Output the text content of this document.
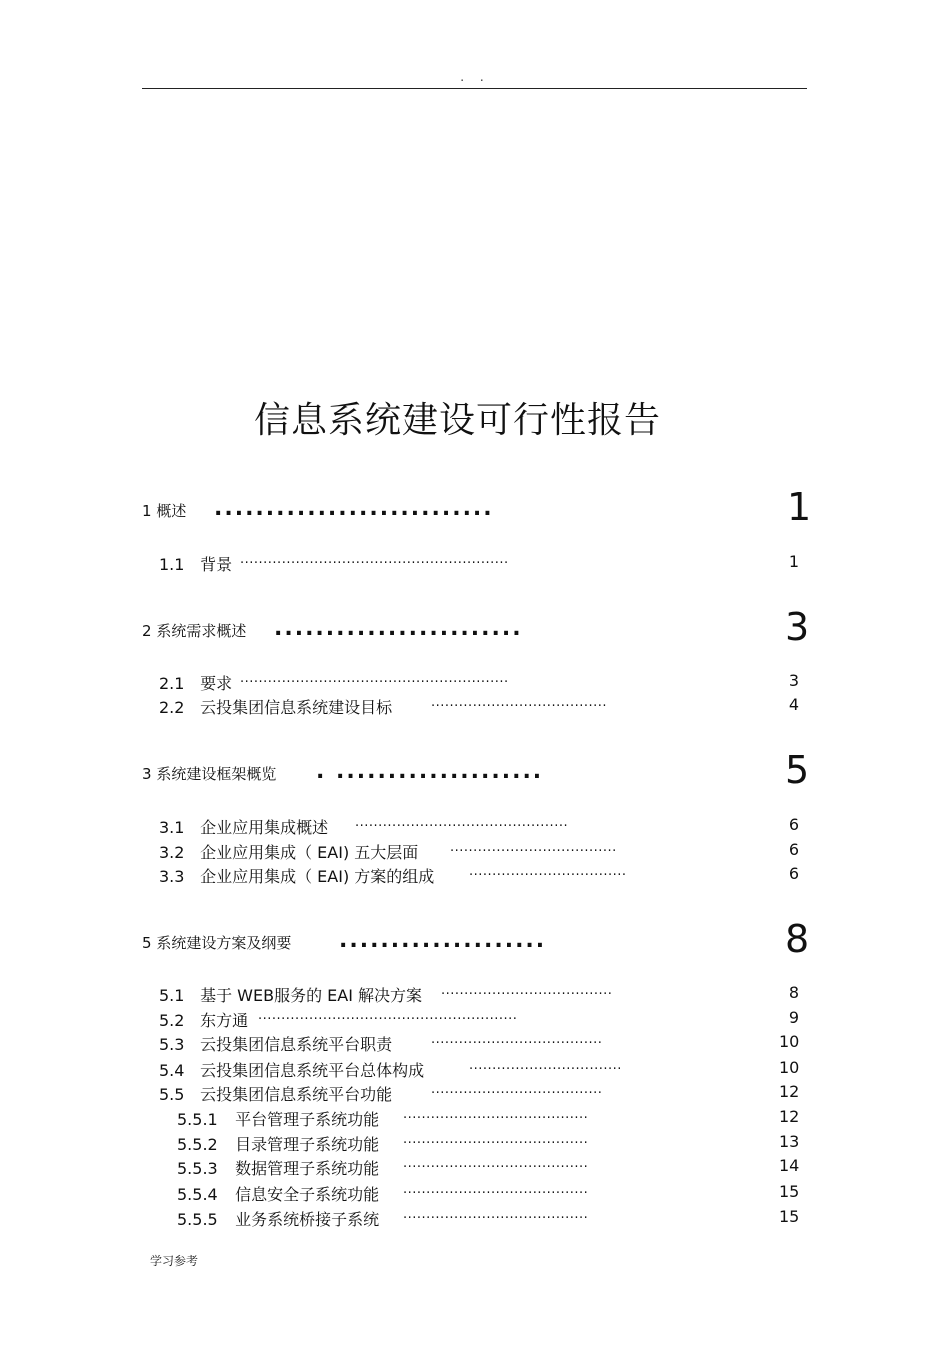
. .
信息系统建设可行性报告
1 概述 ...........................	1
1.1 背景 ..........................................................	1
2 系统需求概述 ........................	3
2.1 要求 ..........................................................	3
2.2 云投集团信息系统建设目标	......................................	4
3 系统建设框架概览 . ....................	5
3.1 企业应用集成概述 ..............................................	6
3.2 企业应用集成（ EAI) 五大层面 ....................................	6
3.3 企业应用集成（ EAI) 方案的组成	..................................	6
5 系统建设方案及纲要 ....................	8
5.1 基于 WEB服务的 EAI 解决方案 .....................................	8
5.2 东方通 ........................................................	9
5.3 云投集团信息系统平台职责	.....................................	10
5.4 云投集团信息系统平台总体构成	.................................	10
5.5 云投集团信息系统平台功能	.....................................	12
5.5.1 平台管理子系统功能 ........................................	12
5.5.2 目录管理子系统功能 ........................................	13
5.5.3 数据管理子系统功能 ........................................	14
5.5.4 信息安全子系统功能 ........................................	15
5.5.5 业务系统桥接子系统 ........................................	15
学习参考
